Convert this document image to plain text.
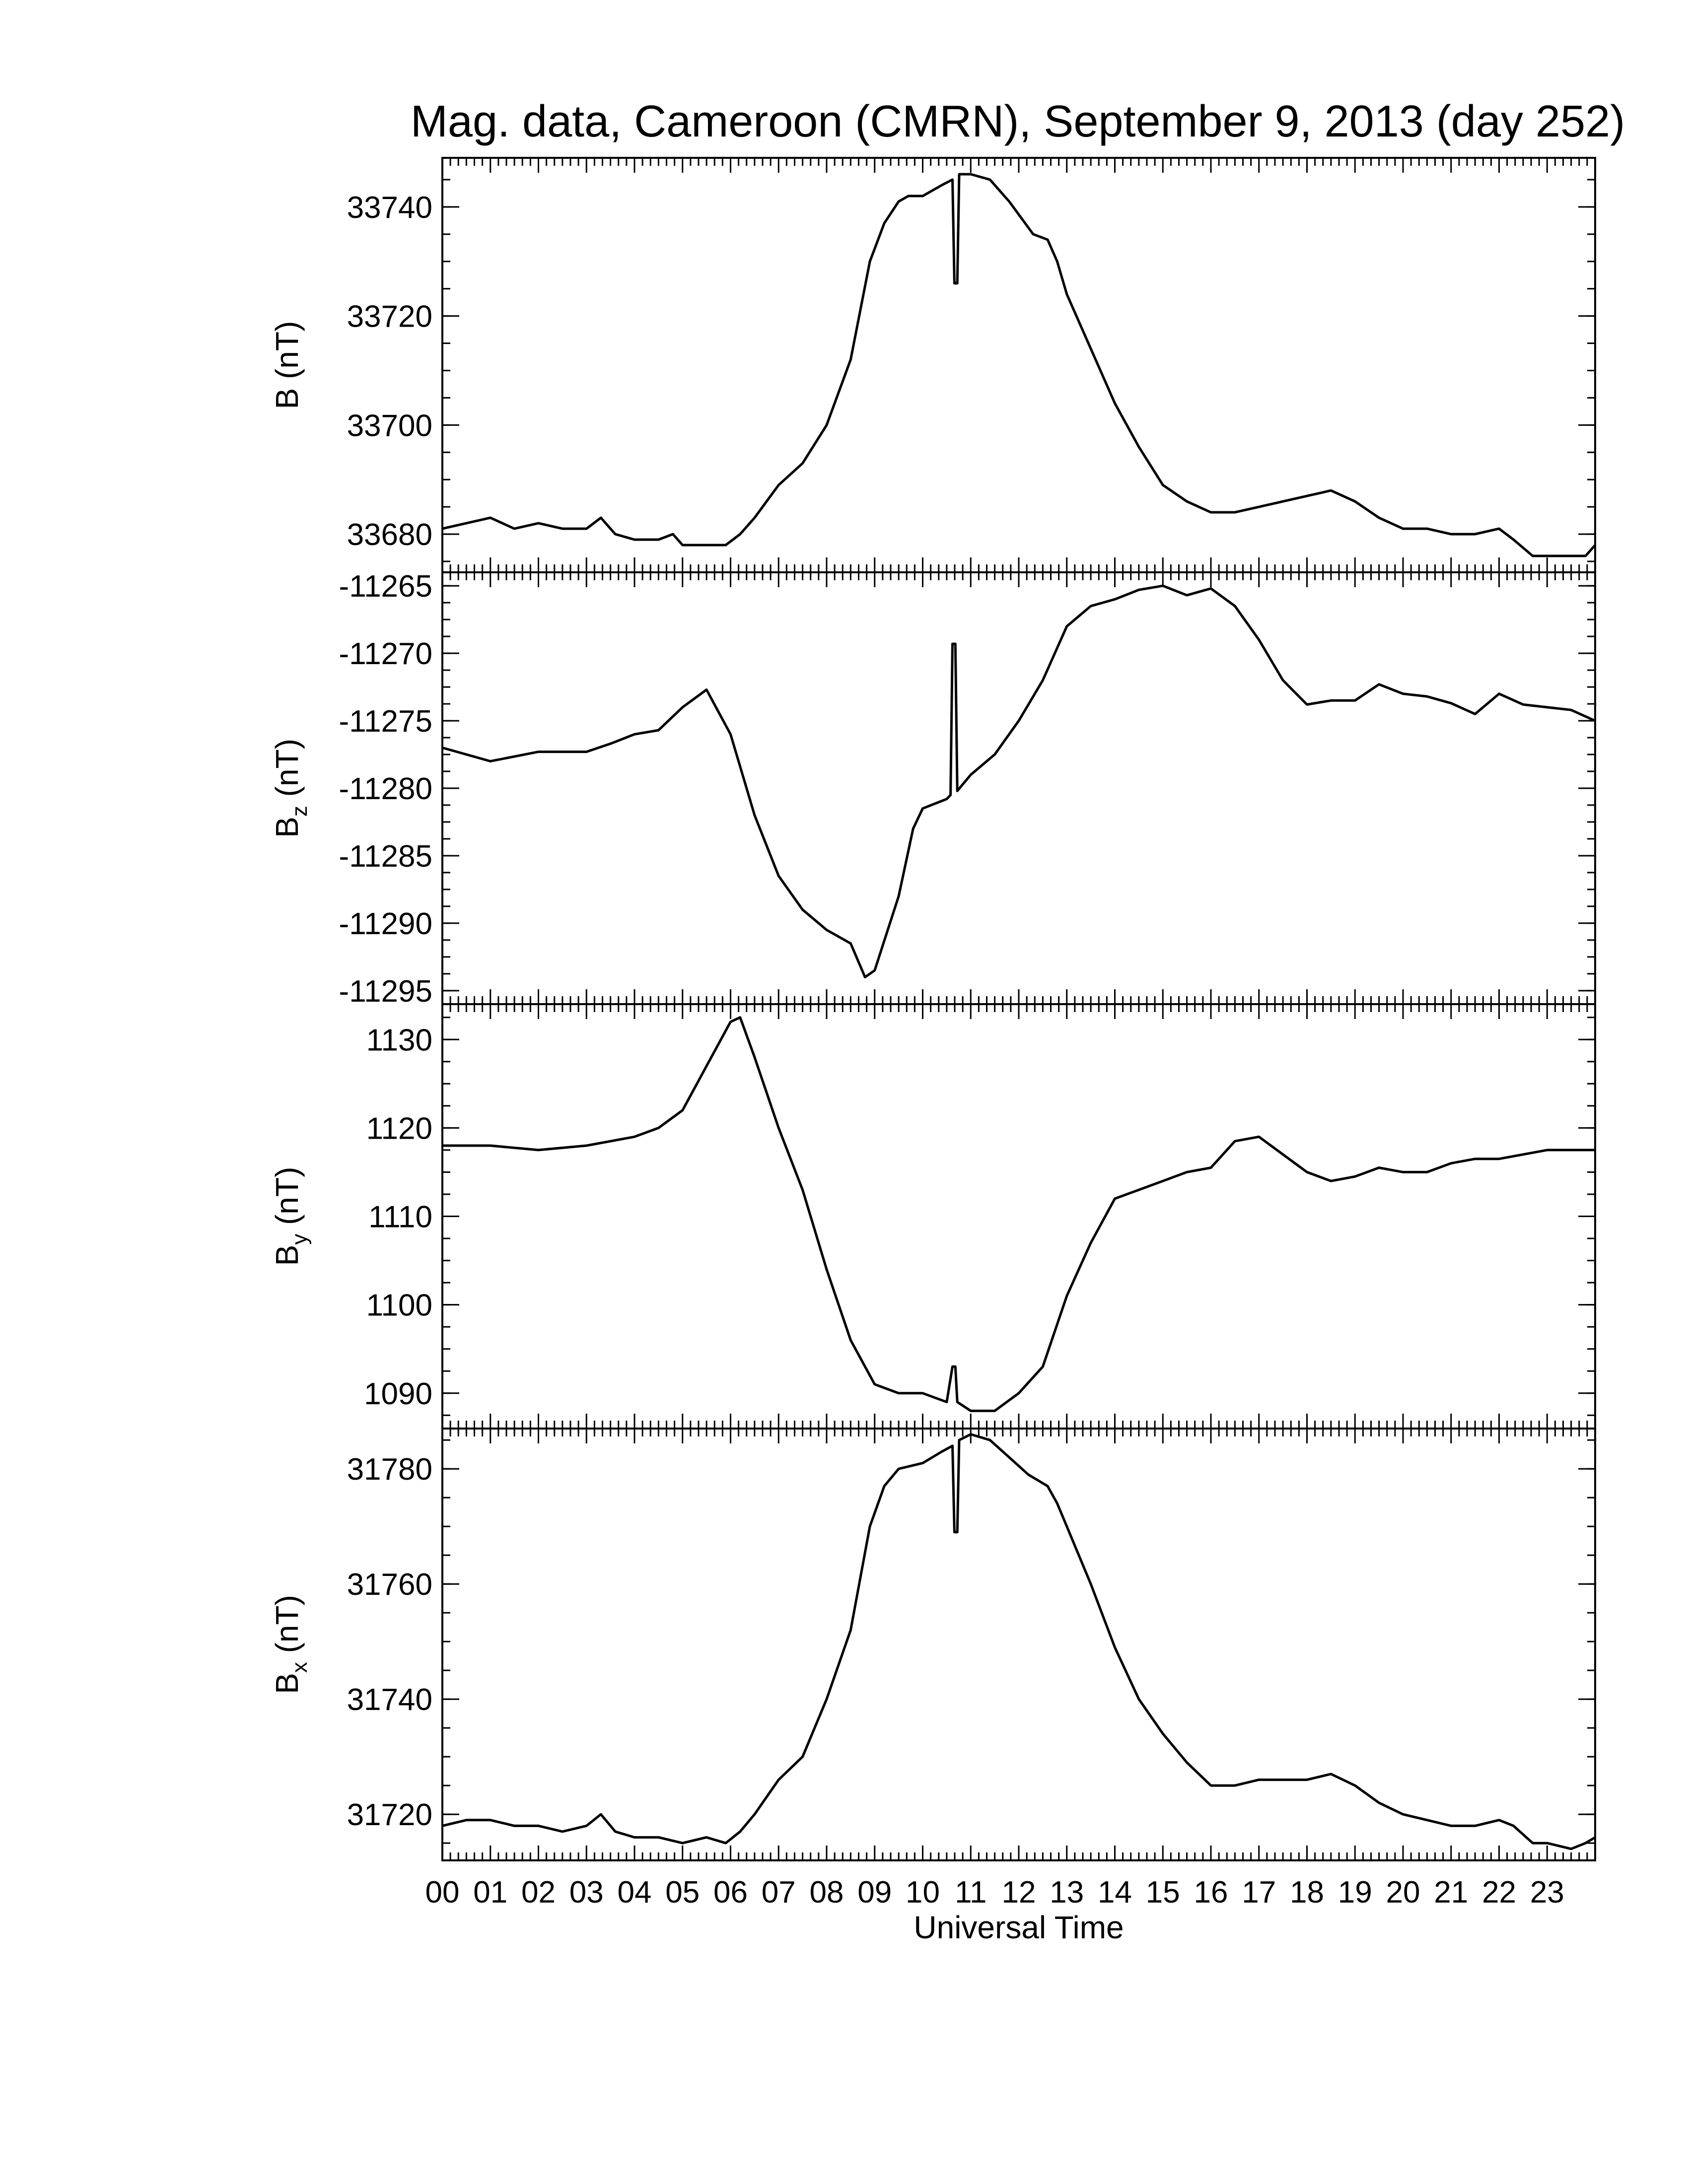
Mag. data, Cameroon (CMRN), September 9, 2013 (day 252)
33680
33700
33720
33740
B (nT)
-11265
-11270
-11275
-11280
-11285
-11290
-11295
$B_z$ (nT)
1090
1100
1110
1120
1130
$B_y$ (nT)
31720
31740
31760
31780
$B_x$ (nT)
00 01 02 03 04 05 06 07 08 09 10 11 12 13 14 15 16 17 18 19 20 21 22 23
Universal Time
